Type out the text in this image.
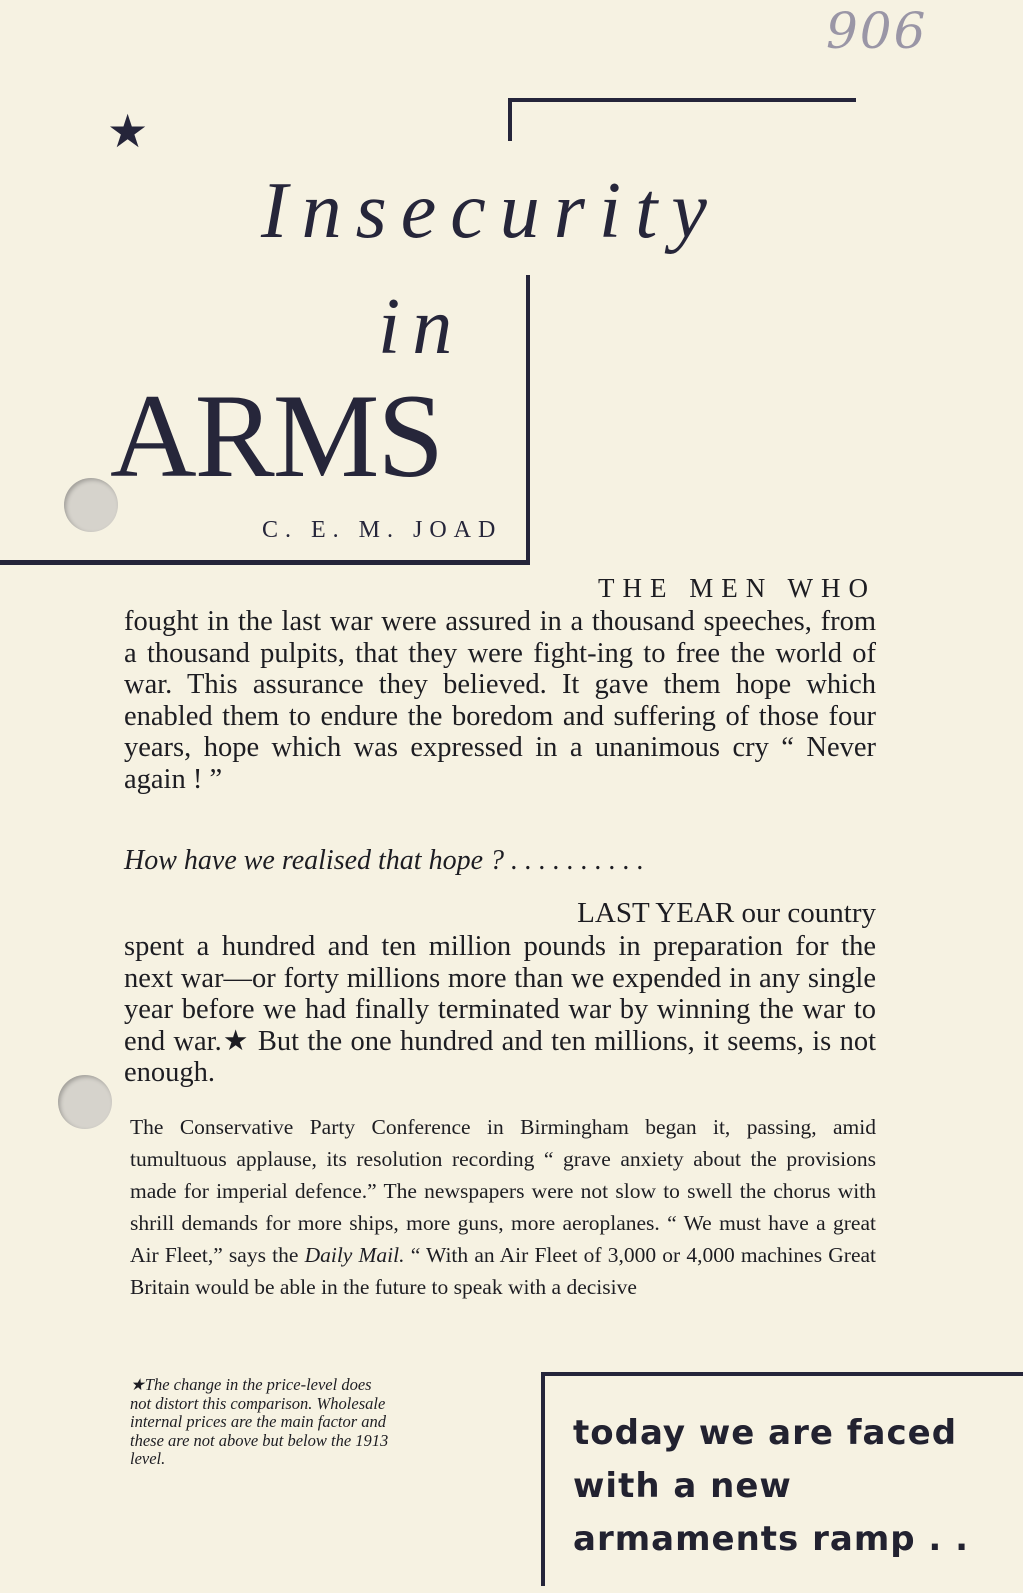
906
★
Insecurity
in
ARMS
C. E. M. JOAD
THE MEN WHO
fought in the last war were assured in a thousand speeches, from a thousand pulpits, that they were fight-ing to free the world of war. This assurance they believed. It gave them hope which enabled them to endure the boredom and suffering of those four years, hope which was expressed in a unanimous cry “ Never again ! ”
How have we realised that hope ? . . . . . . . . . .
LAST YEAR our country
spent a hundred and ten million pounds in preparation for the next war—or forty millions more than we expended in any single year before we had finally terminated war by winning the war to end war.★ But the one hundred and ten millions, it seems, is not enough.
The Conservative Party Conference in Birmingham began it, passing, amid tumultuous applause, its resolution recording “ grave anxiety about the provisions made for imperial defence.” The newspapers were not slow to swell the chorus with shrill demands for more ships, more guns, more aeroplanes. “ We must have a great Air Fleet,” says the Daily Mail. “ With an Air Fleet of 3,000 or 4,000 machines Great Britain would be able in the future to speak with a decisive
★The change in the price-level does not distort this comparison. Wholesale internal prices are the main factor and these are not above but below the 1913 level.
today we are faced
with a new
armaments ramp . .
